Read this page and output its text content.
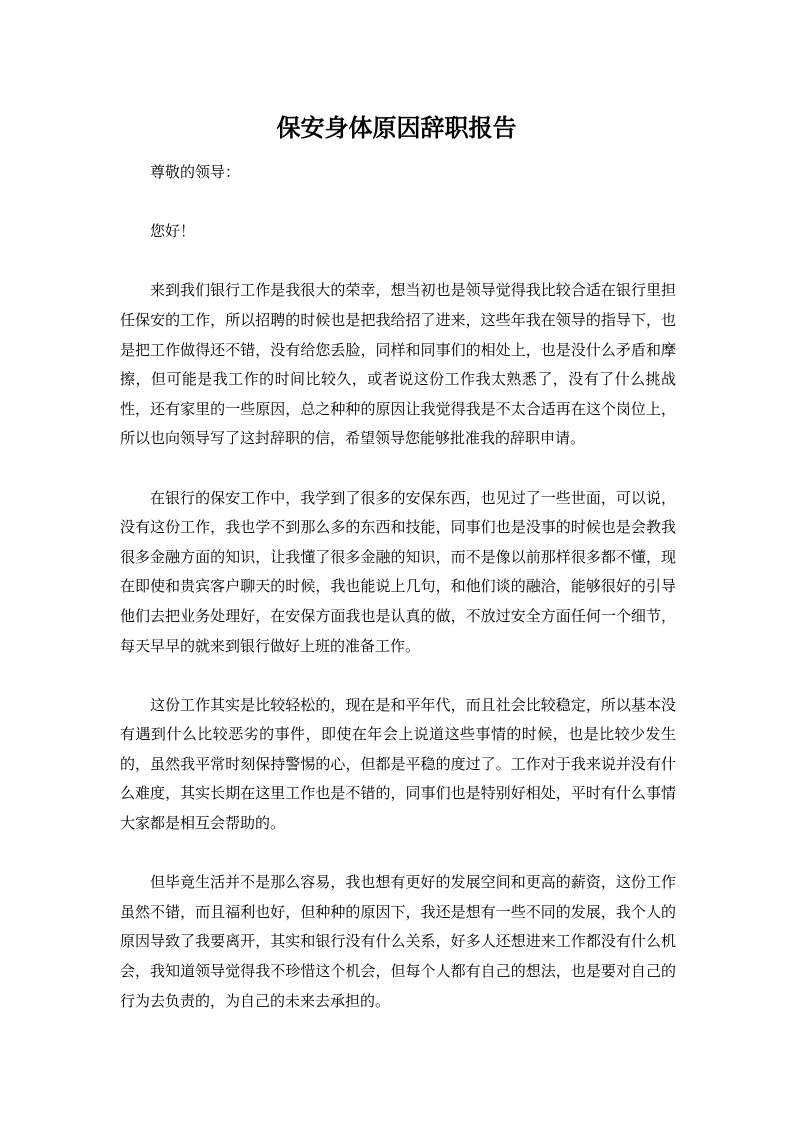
保安身体原因辞职报告

尊敬的领导：

您好！

来到我们银行工作是我很大的荣幸，想当初也是领导觉得我比较合适在银行里担任保安的工作，所以招聘的时候也是把我给招了进来，这些年我在领导的指导下，也是把工作做得还不错，没有给您丢脸，同样和同事们的相处上，也是没什么矛盾和摩擦，但可能是我工作的时间比较久，或者说这份工作我太熟悉了，没有了什么挑战性，还有家里的一些原因，总之种种的原因让我觉得我是不太合适再在这个岗位上，所以也向领导写了这封辞职的信，希望领导您能够批准我的辞职申请。

在银行的保安工作中，我学到了很多的安保东西，也见过了一些世面，可以说，没有这份工作，我也学不到那么多的东西和技能，同事们也是没事的时候也是会教我很多金融方面的知识，让我懂了很多金融的知识，而不是像以前那样很多都不懂，现在即使和贵宾客户聊天的时候，我也能说上几句，和他们谈的融洽，能够很好的引导他们去把业务处理好，在安保方面我也是认真的做，不放过安全方面任何一个细节，每天早早的就来到银行做好上班的准备工作。

这份工作其实是比较轻松的，现在是和平年代，而且社会比较稳定，所以基本没有遇到什么比较恶劣的事件，即使在年会上说道这些事情的时候，也是比较少发生的，虽然我平常时刻保持警惕的心，但都是平稳的度过了。工作对于我来说并没有什么难度，其实长期在这里工作也是不错的，同事们也是特别好相处，平时有什么事情大家都是相互会帮助的。

但毕竟生活并不是那么容易，我也想有更好的发展空间和更高的薪资，这份工作虽然不错，而且福利也好，但种种的原因下，我还是想有一些不同的发展，我个人的原因导致了我要离开，其实和银行没有什么关系，好多人还想进来工作都没有什么机会，我知道领导觉得我不珍惜这个机会，但每个人都有自己的想法，也是要对自己的行为去负责的，为自己的未来去承担的。
